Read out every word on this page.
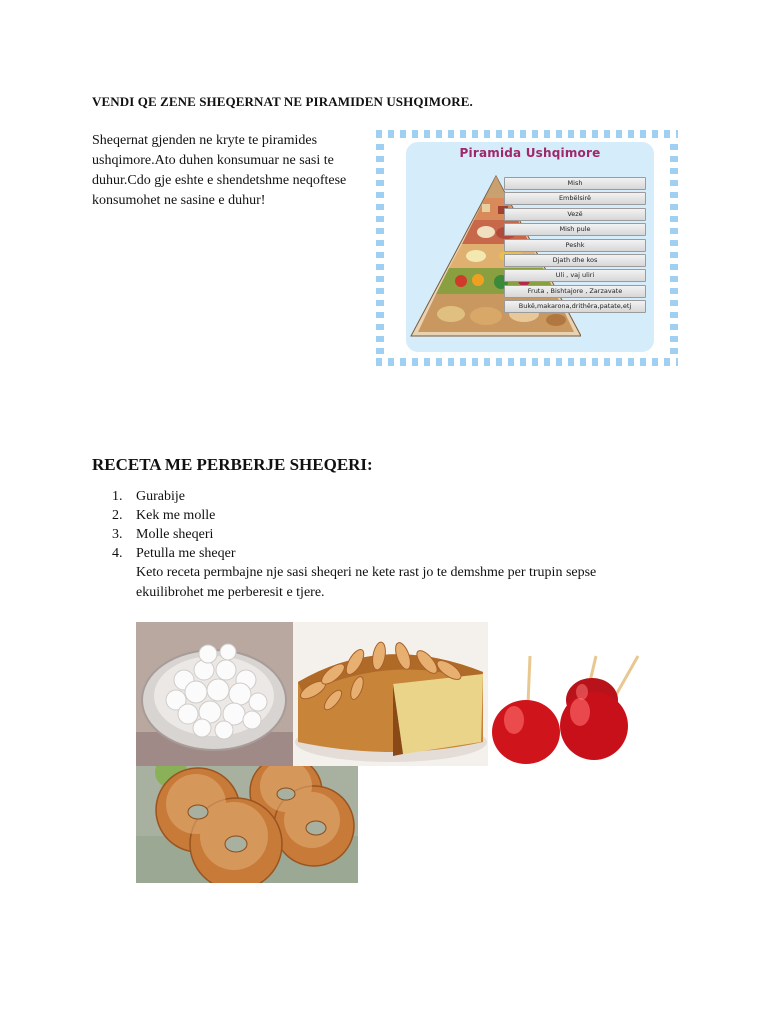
VENDI QE ZENE SHEQERNAT NE PIRAMIDEN USHQIMORE.
Sheqernat gjenden ne kryte te piramides ushqimore.Ato duhen konsumuar ne sasi te duhur.Cdo gje eshte e shendetshme neqoftese konsumohet ne sasine e duhur!
Piramida Ushqimore
Mish
Embëlsirë
Vezë
Mish pule
Peshk
Djath dhe kos
Uli , vaj uliri
Fruta , Bishtajore , Zarzavate
Bukë,makarona,drithëra,patate,etj
RECETA ME PERBERJE SHEQERI:
1. Gurabije
2. Kek me molle
3. Molle sheqeri
4. Petulla me sheqer
Keto receta permbajne nje sasi sheqeri ne kete rast jo te demshme per trupin sepse ekuilibrohet me perberesit e tjere.
